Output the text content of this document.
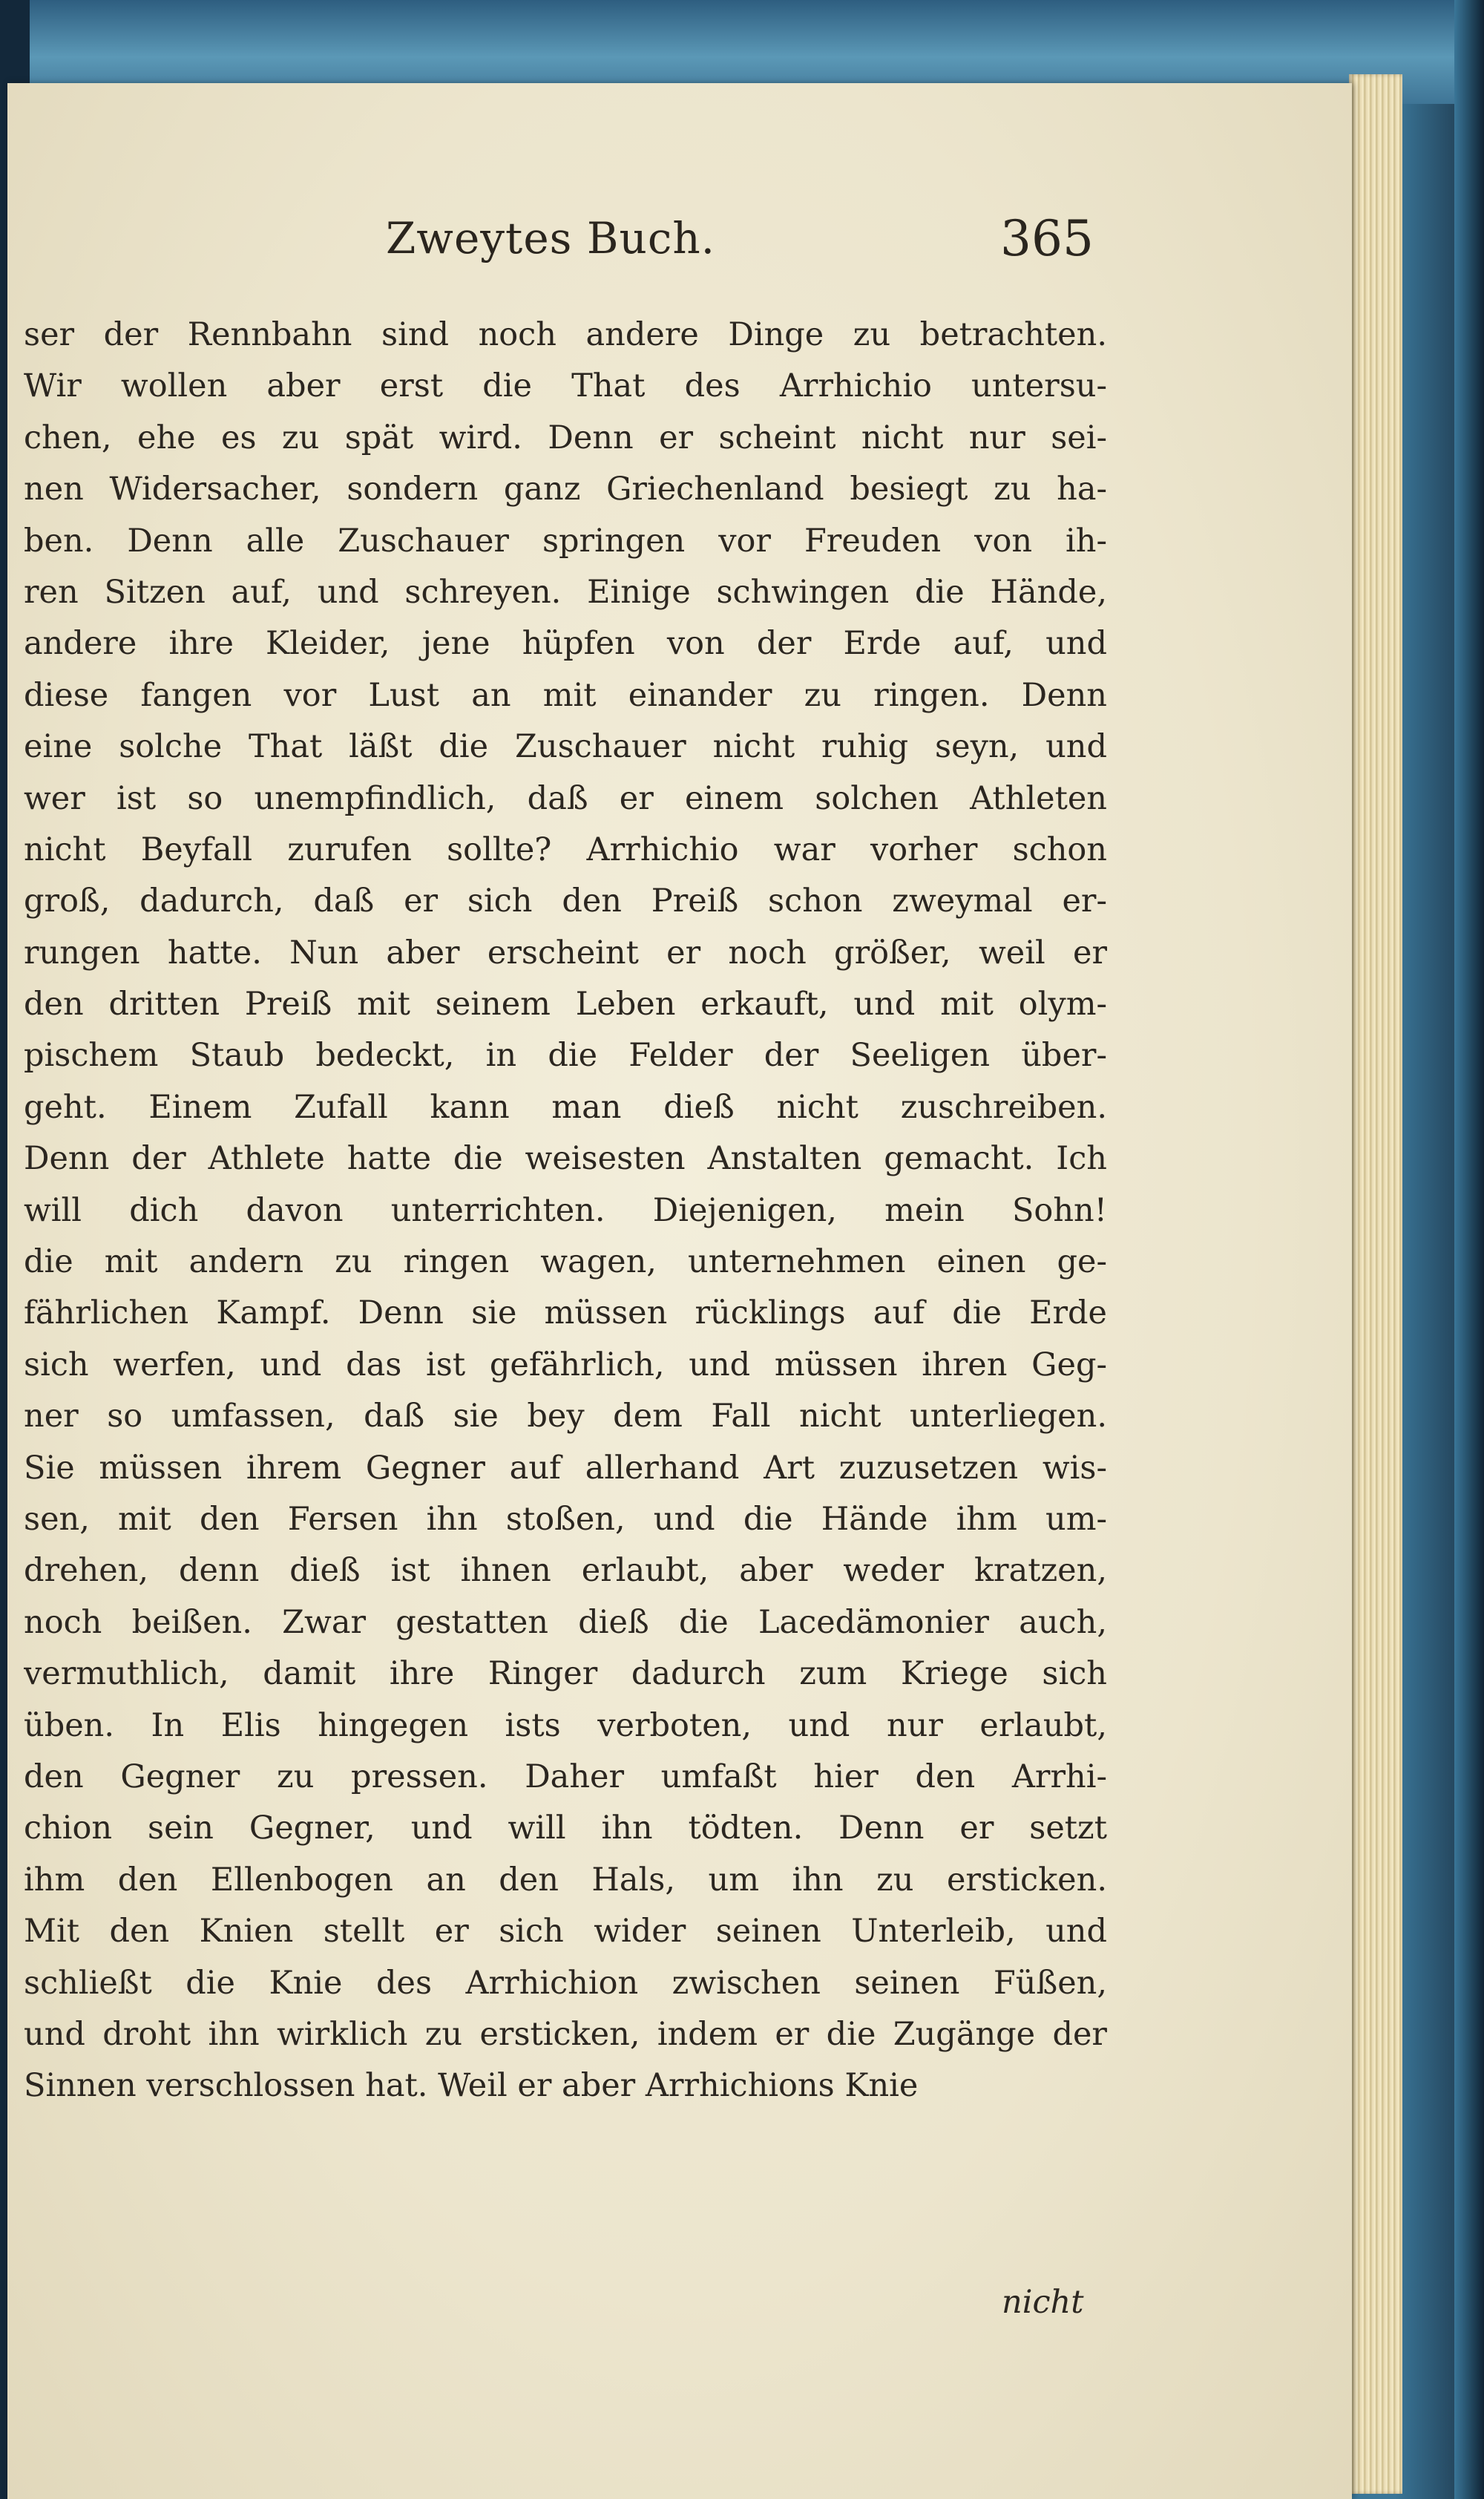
Zweytes Buch.	365
ser der Rennbahn sind noch andere Dinge zu betrachten.
Wir wollen aber erst die That des Arrhichio untersu-
chen, ehe es zu spät wird. Denn er scheint nicht nur sei-
nen Widersacher, sondern ganz Griechenland besiegt zu ha-
ben. Denn alle Zuschauer springen vor Freuden von ih-
ren Sitzen auf, und schreyen. Einige schwingen die Hände,
andere ihre Kleider, jene hüpfen von der Erde auf, und
diese fangen vor Lust an mit einander zu ringen. Denn
eine solche That läßt die Zuschauer nicht ruhig seyn, und
wer ist so unempfindlich, daß er einem solchen Athleten
nicht Beyfall zurufen sollte? Arrhichio war vorher schon
groß, dadurch, daß er sich den Preiß schon zweymal er-
rungen hatte. Nun aber erscheint er noch größer, weil er
den dritten Preiß mit seinem Leben erkauft, und mit olym-
pischem Staub bedeckt, in die Felder der Seeligen über-
geht. Einem Zufall kann man dieß nicht zuschreiben.
Denn der Athlete hatte die weisesten Anstalten gemacht. Ich
will dich davon unterrichten. Diejenigen, mein Sohn!
die mit andern zu ringen wagen, unternehmen einen ge-
fährlichen Kampf. Denn sie müssen rücklings auf die Erde
sich werfen, und das ist gefährlich, und müssen ihren Geg-
ner so umfassen, daß sie bey dem Fall nicht unterliegen.
Sie müssen ihrem Gegner auf allerhand Art zuzusetzen wis-
sen, mit den Fersen ihn stoßen, und die Hände ihm um-
drehen, denn dieß ist ihnen erlaubt, aber weder kratzen,
noch beißen. Zwar gestatten dieß die Lacedämonier auch,
vermuthlich, damit ihre Ringer dadurch zum Kriege sich
üben. In Elis hingegen ists verboten, und nur erlaubt,
den Gegner zu pressen. Daher umfaßt hier den Arrhi-
chion sein Gegner, und will ihn tödten. Denn er setzt
ihm den Ellenbogen an den Hals, um ihn zu ersticken.
Mit den Knien stellt er sich wider seinen Unterleib, und
schließt die Knie des Arrhichion zwischen seinen Füßen,
und droht ihn wirklich zu ersticken, indem er die Zugänge der
Sinnen verschlossen hat. Weil er aber Arrhichions Knie
nicht
